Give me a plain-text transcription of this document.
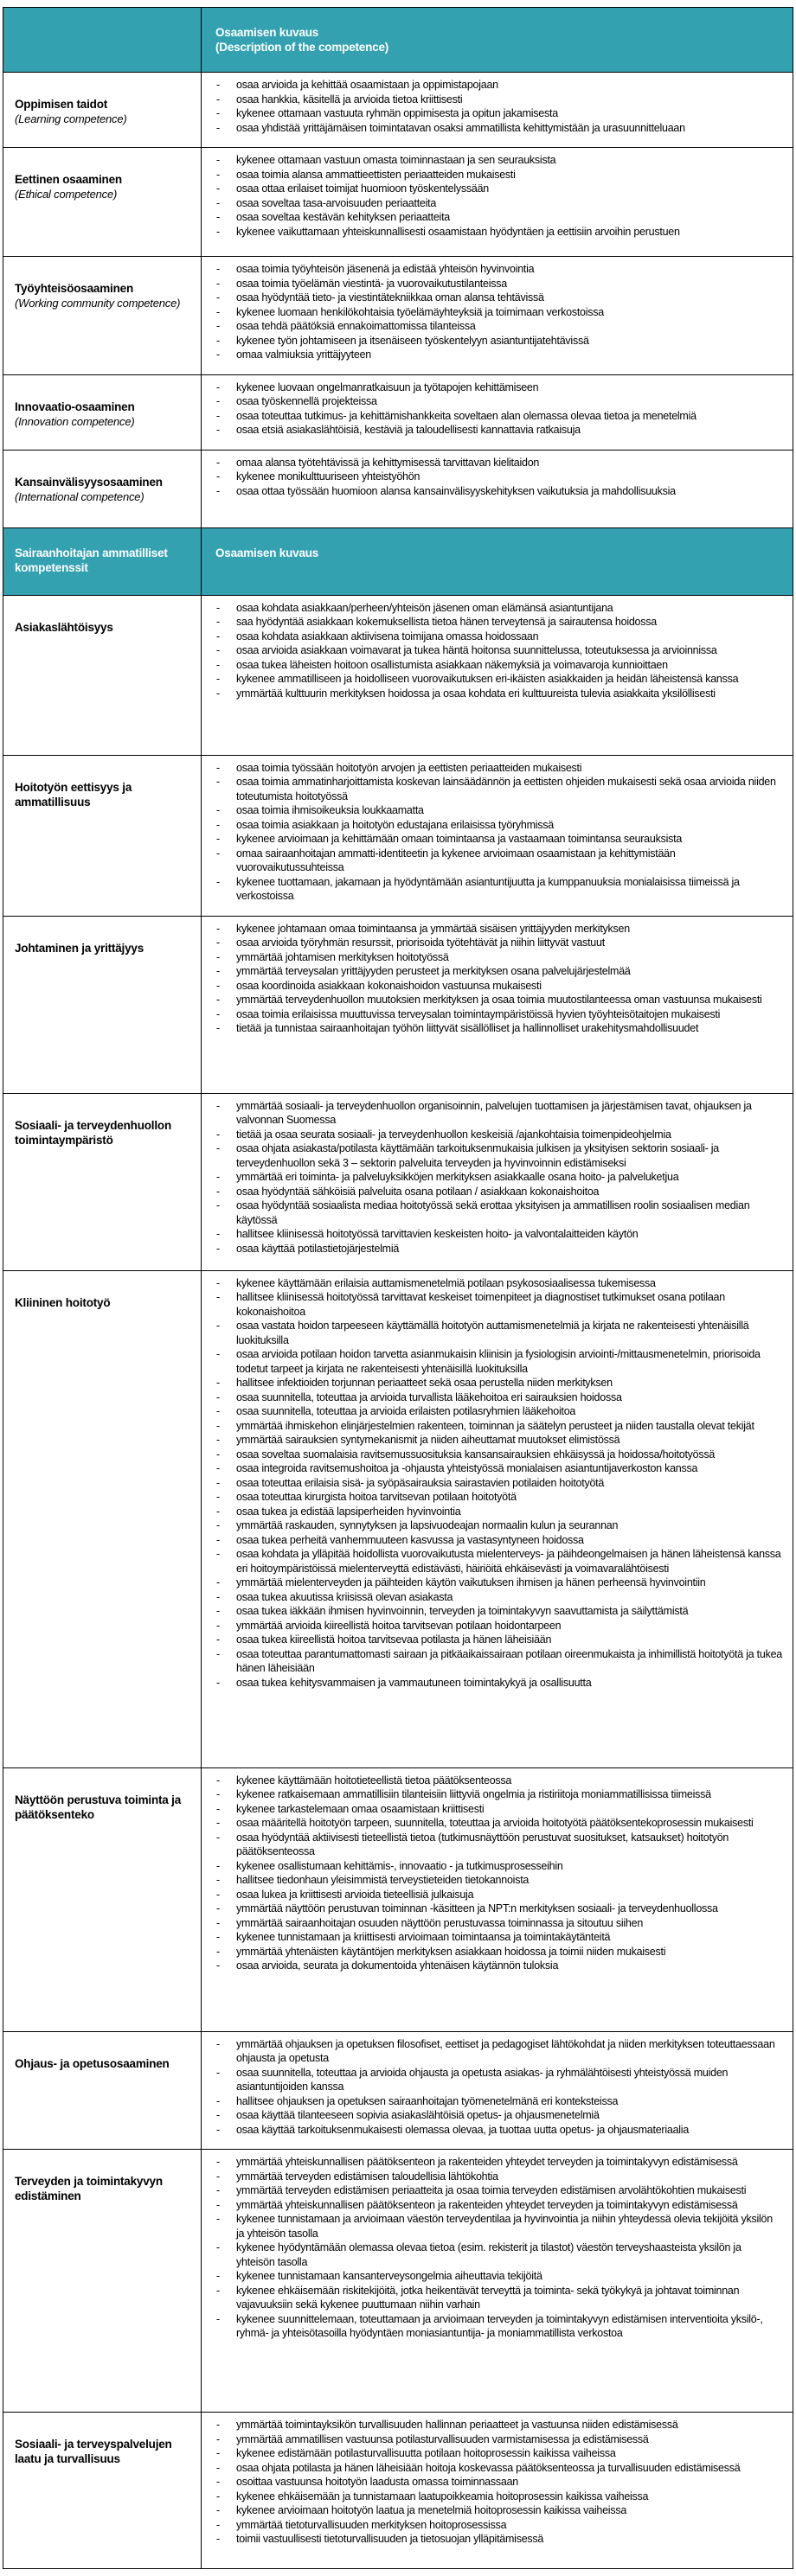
Osaamisen kuvaus
(Description of the competence)
Oppimisen taidot
(Learning competence)
-	osaa arvioida ja kehittää osaamistaan ja oppimistapojaan
-	osaa hankkia, käsitellä ja arvioida tietoa kriittisesti
-	kykenee ottamaan vastuuta ryhmän oppimisesta ja opitun jakamisesta
-	osaa yhdistää yrittäjämäisen toimintatavan osaksi ammatillista kehittymistään ja urasuunnitteluaan
Eettinen osaaminen
(Ethical competence)
-	kykenee ottamaan vastuun omasta toiminnastaan ja sen seurauksista
-	osaa toimia alansa ammattieettisten periaatteiden mukaisesti
-	osaa ottaa erilaiset toimijat huomioon työskentelyssään
-	osaa soveltaa tasa-arvoisuuden periaatteita
-	osaa soveltaa kestävän kehityksen periaatteita
-	kykenee vaikuttamaan yhteiskunnallisesti osaamistaan hyödyntäen ja eettisiin arvoihin perustuen
Työyhteisöosaaminen
(Working community competence)
-	osaa toimia työyhteisön jäsenenä ja edistää yhteisön hyvinvointia
-	osaa toimia työelämän viestintä- ja vuorovaikutustilanteissa
-	osaa hyödyntää tieto- ja viestintätekniikkaa oman alansa tehtävissä
-	kykenee luomaan henkilökohtaisia työelämäyhteyksiä ja toimimaan verkostoissa
-	osaa tehdä päätöksiä ennakoimattomissa tilanteissa
-	kykenee työn johtamiseen ja itsenäiseen työskentelyyn asiantuntijatehtävissä
-	omaa valmiuksia yrittäjyyteen
Innovaatio-osaaminen
(Innovation competence)
-	kykenee luovaan ongelmanratkaisuun ja työtapojen kehittämiseen
-	osaa työskennellä projekteissa
-	osaa toteuttaa tutkimus- ja kehittämishankkeita soveltaen alan olemassa olevaa tietoa ja menetelmiä
-	osaa etsiä asiakaslähtöisiä, kestäviä ja taloudellisesti kannattavia ratkaisuja
Kansainvälisyysosaaminen
(International competence)
-	omaa alansa työtehtävissä ja kehittymisessä tarvittavan kielitaidon
-	kykenee monikulttuuriseen yhteistyöhön
-	osaa ottaa työssään huomioon alansa kansainvälisyyskehityksen vaikutuksia ja mahdollisuuksia
Sairaanhoitajan ammatilliset kompetenssit
Osaamisen kuvaus
Asiakaslähtöisyys
-	osaa kohdata asiakkaan/perheen/yhteisön jäsenen oman elämänsä asiantuntijana
-	saa hyödyntää asiakkaan kokemuksellista tietoa hänen terveytensä ja sairautensa hoidossa
-	osaa kohdata asiakkaan aktiivisena toimijana omassa hoidossaan
-	osaa arvioida asiakkaan voimavarat ja tukea häntä hoitonsa suunnittelussa, toteutuksessa ja arvioinnissa
-	osaa tukea läheisten hoitoon osallistumista asiakkaan näkemyksiä ja voimavaroja kunnioittaen
-	kykenee ammatilliseen ja hoidolliseen vuorovaikutuksen eri-ikäisten asiakkaiden ja heidän läheistensä kanssa
-	ymmärtää kulttuurin merkityksen hoidossa ja osaa kohdata eri kulttuureista tulevia asiakkaita yksilöllisesti
Hoitotyön eettisyys ja ammatillisuus
-	osaa toimia työssään hoitotyön arvojen ja eettisten periaatteiden mukaisesti
-	osaa toimia ammatinharjoittamista koskevan lainsäädännön ja eettisten ohjeiden mukaisesti sekä osaa arvioida niiden toteutumista hoitotyössä
-	osaa toimia ihmisoikeuksia loukkaamatta
-	osaa toimia asiakkaan ja hoitotyön edustajana erilaisissa työryhmissä
-	kykenee arvioimaan ja kehittämään omaan toimintaansa ja vastaamaan toimintansa seurauksista
-	omaa sairaanhoitajan ammatti-identiteetin ja kykenee arvioimaan osaamistaan ja kehittymistään vuorovaikutussuhteissa
-	kykenee tuottamaan, jakamaan ja hyödyntämään asiantuntijuutta ja kumppanuuksia monialaisissa tiimeissä ja verkostoissa
Johtaminen ja yrittäjyys
-	kykenee johtamaan omaa toimintaansa ja ymmärtää sisäisen yrittäjyyden merkityksen
-	osaa arvioida työryhmän resurssit, priorisoida työtehtävät ja niihin liittyvät vastuut
-	ymmärtää johtamisen merkityksen hoitotyössä
-	ymmärtää terveysalan yrittäjyyden perusteet ja merkityksen osana palvelujärjestelmää
-	osaa koordinoida asiakkaan kokonaishoidon vastuunsa mukaisesti
-	ymmärtää terveydenhuollon muutoksien merkityksen ja osaa toimia muutostilanteessa oman vastuunsa mukaisesti
-	osaa toimia erilaisissa muuttuvissa terveysalan toimintaympäristöissä hyvien työyhteisötaitojen mukaisesti
-	tietää ja tunnistaa sairaanhoitajan työhön liittyvät sisällölliset ja hallinnolliset urakehitysmahdollisuudet
Sosiaali- ja terveydenhuollon toimintaympäristö
-	ymmärtää sosiaali- ja terveydenhuollon organisoinnin, palvelujen tuottamisen ja järjestämisen tavat, ohjauksen ja valvonnan Suomessa
-	tietää ja osaa seurata sosiaali- ja terveydenhuollon keskeisiä /ajankohtaisia toimenpideohjelmia
-	osaa ohjata asiakasta/potilasta käyttämään tarkoituksenmukaisia julkisen ja yksityisen sektorin sosiaali- ja terveydenhuollon sekä 3 – sektorin palveluita terveyden ja hyvinvoinnin edistämiseksi
-	ymmärtää eri toiminta- ja palveluyksikköjen merkityksen asiakkaalle osana hoito- ja palveluketjua
-	osaa hyödyntää sähköisiä palveluita osana potilaan / asiakkaan kokonaishoitoa
-	osaa hyödyntää sosiaalista mediaa hoitotyössä sekä erottaa yksityisen ja ammatillisen roolin sosiaalisen median käytössä
-	hallitsee kliinisessä hoitotyössä tarvittavien keskeisten hoito- ja valvontalaitteiden käytön
-	osaa käyttää potilastietojärjestelmiä
Kliininen hoitotyö
-	kykenee käyttämään erilaisia auttamismenetelmiä potilaan psykososiaalisessa tukemisessa
-	hallitsee kliinisessä hoitotyössä tarvittavat keskeiset toimenpiteet ja diagnostiset tutkimukset osana potilaan kokonaishoitoa
-	osaa vastata hoidon tarpeeseen käyttämällä hoitotyön auttamismenetelmiä ja kirjata ne rakenteisesti yhtenäisillä luokituksilla
-	osaa arvioida potilaan hoidon tarvetta asianmukaisin kliinisin ja fysiologisin arviointi-/mittausmenetelmin, priorisoida todetut tarpeet ja kirjata ne rakenteisesti yhtenäisillä luokituksilla
-	hallitsee infektioiden torjunnan periaatteet sekä osaa perustella niiden merkityksen
-	osaa suunnitella, toteuttaa ja arvioida turvallista lääkehoitoa eri sairauksien hoidossa
-	osaa suunnitella, toteuttaa ja arvioida erilaisten potilasryhmien lääkehoitoa
-	ymmärtää ihmiskehon elinjärjestelmien rakenteen, toiminnan ja säätelyn perusteet ja niiden taustalla olevat tekijät
-	ymmärtää sairauksien syntymekanismit ja niiden aiheuttamat muutokset elimistössä
-	osaa soveltaa suomalaisia ravitsemussuosituksia kansansairauksien ehkäisyssä ja hoidossa/hoitotyössä
-	osaa integroida ravitsemushoitoa ja -ohjausta yhteistyössä monialaisen asiantuntijaverkoston kanssa
-	osaa toteuttaa erilaisia sisä- ja syöpäsairauksia sairastavien potilaiden hoitotyötä
-	osaa toteuttaa kirurgista hoitoa tarvitsevan potilaan hoitotyötä
-	osaa tukea ja edistää lapsiperheiden hyvinvointia
-	ymmärtää raskauden, synnytyksen ja lapsivuodeajan normaalin kulun ja seurannan
-	osaa tukea perheitä vanhemmuuteen kasvussa ja vastasyntyneen hoidossa
-	osaa kohdata ja ylläpitää hoidollista vuorovaikutusta mielenterveys- ja päihdeongelmaisen ja hänen läheistensä kanssa eri hoitoympäristöissä mielenterveyttä edistävästi, häiriöitä ehkäisevästi ja voimavaralähtöisesti
-	ymmärtää mielenterveyden ja päihteiden käytön vaikutuksen ihmisen ja hänen perheensä hyvinvointiin
-	osaa tukea akuutissa kriisissä olevan asiakasta
-	osaa tukea iäkkään ihmisen hyvinvoinnin, terveyden ja toimintakyvyn saavuttamista ja säilyttämistä
-	ymmärtää arvioida kiireellistä hoitoa tarvitsevan potilaan hoidontarpeen
-	osaa tukea kiireellistä hoitoa tarvitsevaa potilasta ja hänen läheisiään
-	osaa toteuttaa parantumattomasti sairaan ja pitkäaikaissairaan potilaan oireenmukaista ja inhimillistä hoitotyötä ja tukea hänen läheisiään
-	osaa tukea kehitysvammaisen ja vammautuneen toimintakykyä ja osallisuutta
Näyttöön perustuva toiminta ja päätöksenteko
-	kykenee käyttämään hoitotieteellistä tietoa päätöksenteossa
-	kykenee ratkaisemaan ammatillisiin tilanteisiin liittyviä ongelmia ja ristiriitoja moniammatillisissa tiimeissä
-	kykenee tarkastelemaan omaa osaamistaan kriittisesti
-	osaa määritellä hoitotyön tarpeen, suunnitella, toteuttaa ja arvioida hoitotyötä päätöksentekoprosessin mukaisesti
-	osaa hyödyntää aktiivisesti tieteellistä tietoa (tutkimusnäyttöön perustuvat suositukset, katsaukset) hoitotyön päätöksenteossa
-	kykenee osallistumaan kehittämis-, innovaatio - ja tutkimusprosesseihin
-	hallitsee tiedonhaun yleisimmistä terveystieteiden tietokannoista
-	osaa lukea ja kriittisesti arvioida tieteellisiä julkaisuja
-	ymmärtää näyttöön perustuvan toiminnan -käsitteen ja NPT:n merkityksen sosiaali- ja terveydenhuollossa
-	ymmärtää sairaanhoitajan osuuden näyttöön perustuvassa toiminnassa ja sitoutuu siihen
-	kykenee tunnistamaan ja kriittisesti arvioimaan toimintaansa ja toimintakäytänteitä
-	ymmärtää yhtenäisten käytäntöjen merkityksen asiakkaan hoidossa ja toimii niiden mukaisesti
-	osaa arvioida, seurata ja dokumentoida yhtenäisen käytännön tuloksia
Ohjaus- ja opetusosaaminen
-	ymmärtää ohjauksen ja opetuksen filosofiset, eettiset ja pedagogiset lähtökohdat ja niiden merkityksen toteuttaessaan ohjausta ja opetusta
-	osaa suunnitella, toteuttaa ja arvioida ohjausta ja opetusta asiakas- ja ryhmälähtöisesti yhteistyössä muiden asiantuntijoiden kanssa
-	hallitsee ohjauksen ja opetuksen sairaanhoitajan työmenetelmänä eri konteksteissa
-	osaa käyttää tilanteeseen sopivia asiakaslähtöisiä opetus- ja ohjausmenetelmiä
-	osaa käyttää tarkoituksenmukaisesti olemassa olevaa, ja tuottaa uutta opetus- ja ohjausmateriaalia
Terveyden ja toimintakyvyn edistäminen
-	ymmärtää yhteiskunnallisen päätöksenteon ja rakenteiden yhteydet terveyden ja toimintakyvyn edistämisessä
-	ymmärtää terveyden edistämisen taloudellisia lähtökohtia
-	ymmärtää terveyden edistämisen periaatteita ja osaa toimia terveyden edistämisen arvolähtökohtien mukaisesti
-	ymmärtää yhteiskunnallisen päätöksenteon ja rakenteiden yhteydet terveyden ja toimintakyvyn edistämisessä
-	kykenee tunnistamaan ja arvioimaan väestön terveydentilaa ja hyvinvointia ja niihin yhteydessä olevia tekijöitä yksilön ja yhteisön tasolla
-	kykenee hyödyntämään olemassa olevaa tietoa (esim. rekisterit ja tilastot) väestön terveyshaasteista yksilön ja yhteisön tasolla
-	kykenee tunnistamaan kansanterveysongelmia aiheuttavia tekijöitä
-	kykenee ehkäisemään riskitekijöitä, jotka heikentävät terveyttä ja toiminta- sekä työkykyä ja johtavat toiminnan vajavuuksiin sekä kykenee puuttumaan niihin varhain
-	kykenee suunnittelemaan, toteuttamaan ja arvioimaan terveyden ja toimintakyvyn edistämisen interventioita yksilö-, ryhmä- ja yhteisötasoilla hyödyntäen moniasiantuntija- ja moniammatillista verkostoa
Sosiaali- ja terveyspalvelujen laatu ja turvallisuus
-	ymmärtää toimintayksikön turvallisuuden hallinnan periaatteet ja vastuunsa niiden edistämisessä
-	ymmärtää ammatillisen vastuunsa potilasturvallisuuden varmistamisessa ja edistämisessä
-	kykenee edistämään potilasturvallisuutta potilaan hoitoprosessin kaikissa vaiheissa
-	osaa ohjata potilasta ja hänen läheisiään hoitoja koskevassa päätöksenteossa ja turvallisuuden edistämisessä
-	osoittaa vastuunsa hoitotyön laadusta omassa toiminnassaan
-	kykenee ehkäisemään ja tunnistamaan laatupoikkeamia hoitoprosessin kaikissa vaiheissa
-	kykenee arvioimaan hoitotyön laatua ja menetelmiä hoitoprosessin kaikissa vaiheissa
-	ymmärtää tietoturvallisuuden merkityksen hoitoprosessissa
-	toimii vastuullisesti tietoturvallisuuden ja tietosuojan ylläpitämisessä
